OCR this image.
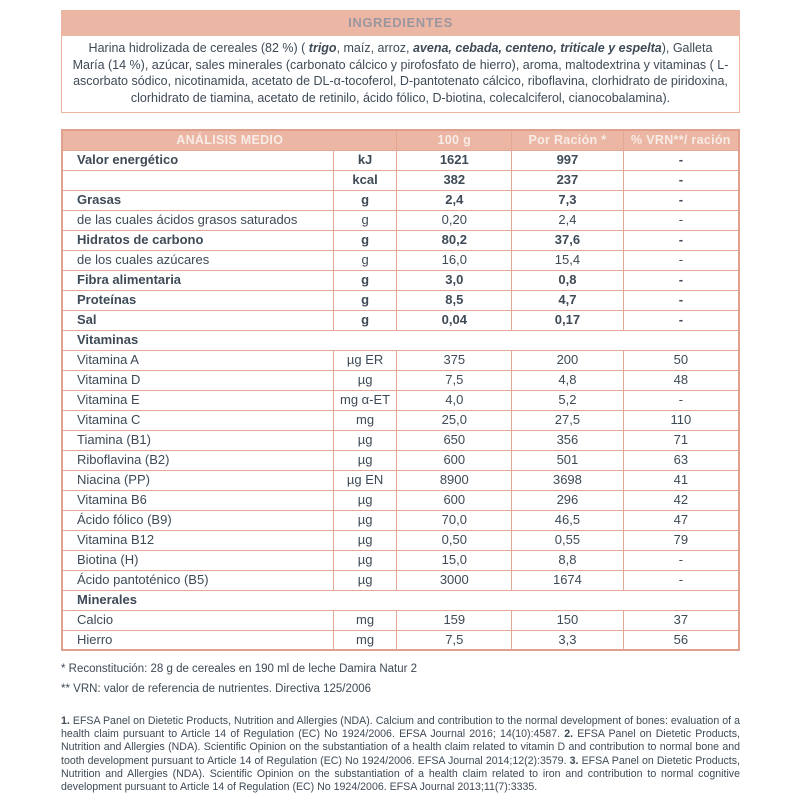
INGREDIENTES
Harina hidrolizada de cereales (82 %) ( trigo, maíz, arroz, avena, cebada, centeno, triticale y espelta), Galleta María (14 %), azúcar, sales minerales (carbonato cálcico y pirofosfato de hierro), aroma, maltodextrina y vitaminas ( L-ascorbato sódico, nicotinamida, acetato de DL-α-tocoferol, D-pantotenato cálcico, riboflavina, clorhidrato de piridoxina, clorhidrato de tiamina, acetato de retinilo, ácido fólico, D-biotina, colecalciferol, cianocobalamina).
ANÁLISIS MEDIO		100 g	Por Ración *	% VRN**/ ración
Valor energético	kJ	1621	997	-
	kcal	382	237	-
Grasas	g	2,4	7,3	-
de las cuales ácidos grasos saturados	g	0,20	2,4	-
Hidratos de carbono	g	80,2	37,6	-
de los cuales azúcares	g	16,0	15,4	-
Fibra alimentaria	g	3,0	0,8	-
Proteínas	g	8,5	4,7	-
Sal	g	0,04	0,17	-
Vitaminas				
Vitamina A	µg ER	375	200	50
Vitamina D	µg	7,5	4,8	48
Vitamina E	mg α-ET	4,0	5,2	-
Vitamina C	mg	25,0	27,5	110
Tiamina (B1)	µg	650	356	71
Riboflavina (B2)	µg	600	501	63
Niacina (PP)	µg EN	8900	3698	41
Vitamina B6	µg	600	296	42
Ácido fólico (B9)	µg	70,0	46,5	47
Vitamina B12	µg	0,50	0,55	79
Biotina (H)	µg	15,0	8,8	-
Ácido pantoténico (B5)	µg	3000	1674	-
Minerales				
Calcio	mg	159	150	37
Hierro	mg	7,5	3,3	56
* Reconstitución: 28 g de cereales en 190 ml de leche Damira Natur 2
** VRN: valor de referencia de nutrientes. Directiva 125/2006
1. EFSA Panel on Dietetic Products, Nutrition and Allergies (NDA). Calcium and contribution to the normal development of bones: evaluation of a health claim pursuant to Article 14 of Regulation (EC) No 1924/2006. EFSA Journal 2016; 14(10):4587. 2. EFSA Panel on Dietetic Products, Nutrition and Allergies (NDA). Scientific Opinion on the substantiation of a health claim related to vitamin D and contribution to normal bone and tooth development pursuant to Article 14 of Regulation (EC) No 1924/2006. EFSA Journal 2014;12(2):3579. 3. EFSA Panel on Dietetic Products, Nutrition and Allergies (NDA). Scientific Opinion on the substantiation of a health claim related to iron and contribution to normal cognitive development pursuant to Article 14 of Regulation (EC) No 1924/2006. EFSA Journal 2013;11(7):3335.
